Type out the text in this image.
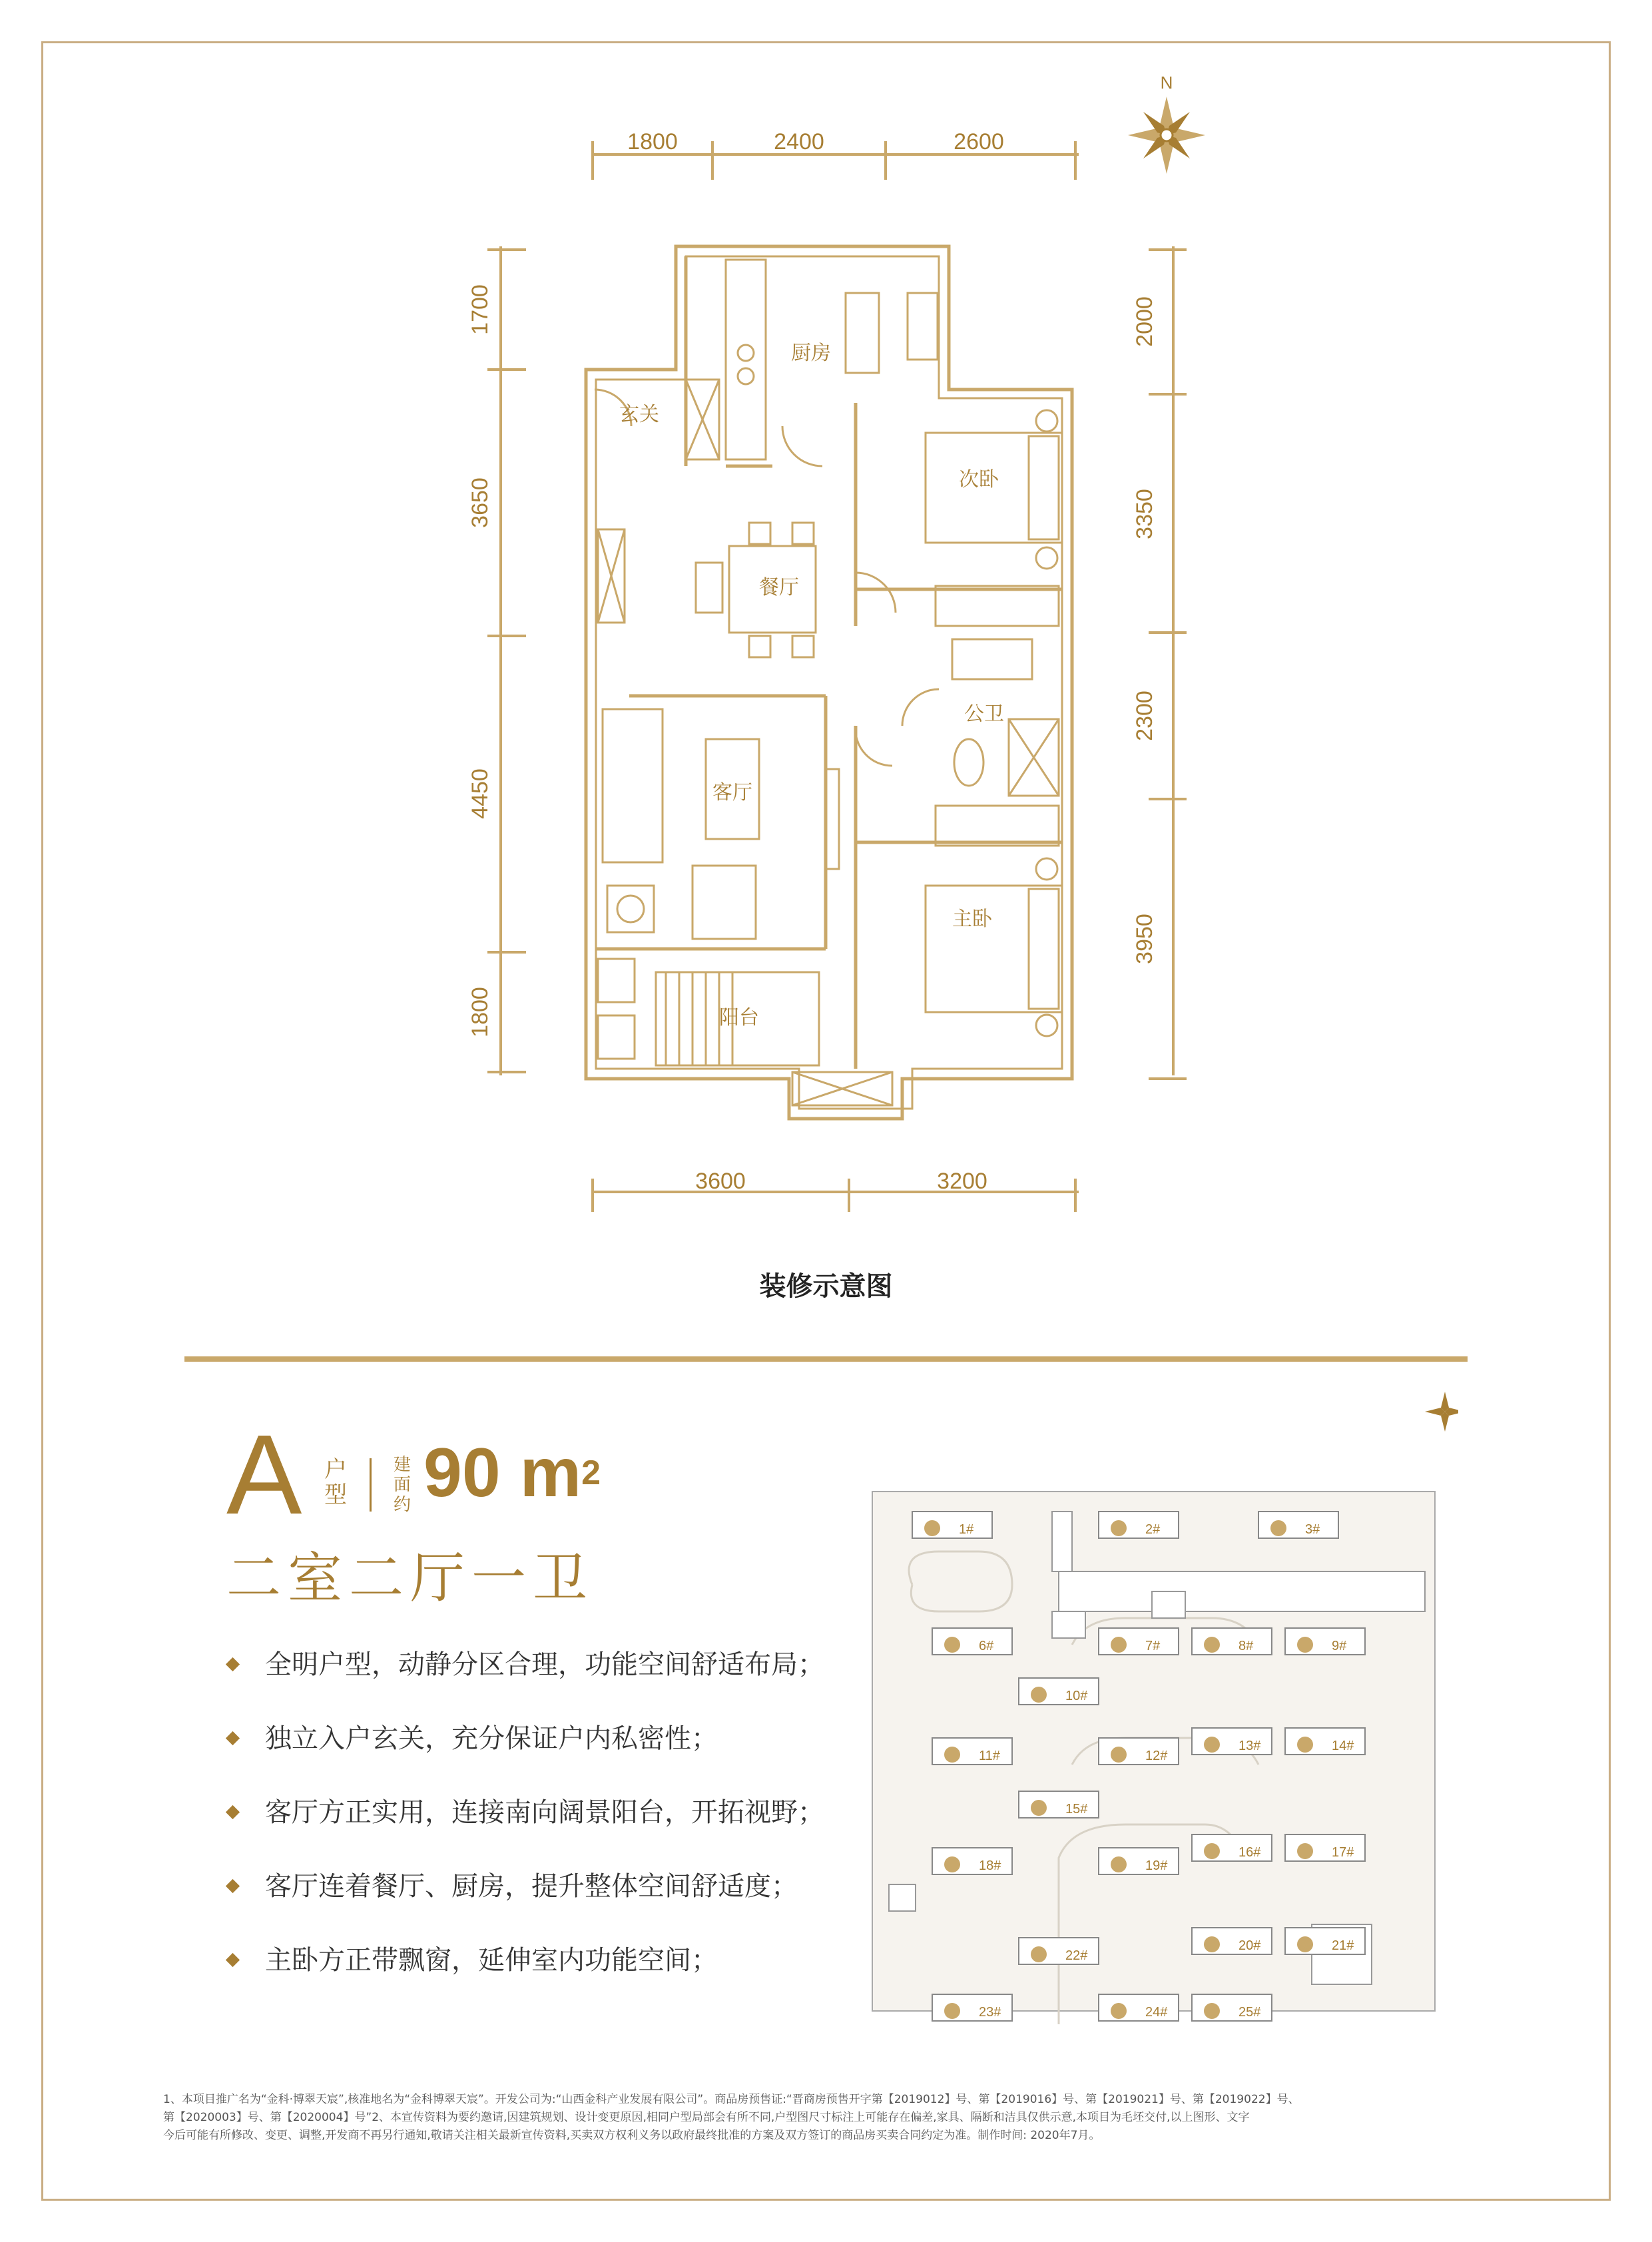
1800	2400	2600
3600	3200
1700
3650
4450
1800
2000
3350
2300
3950
厨房
玄关
餐厅
次卧
公卫
客厅
主卧
阳台
N
装修示意图
A 户
型
建
面
约 90 $m^2$
二室二厅一卫
全明户型，动静分区合理，功能空间舒适布局；
独立入户玄关，充分保证户内私密性；
客厅方正实用，连接南向阔景阳台，开拓视野；
客厅连着餐厅、厨房，提升整体空间舒适度；
主卧方正带飘窗，延伸室内功能空间；
1#	2#	3#
6#	7#	8#	9#
10#
11#	12#
13#	14#
15#
16#	17#
18#	19#
20#	21#
22#
23#	24#	25#
1、本项目推广名为“金科·博翠天宸”,核准地名为“金科博翠天宸”。开发公司为:“山西金科产业发展有限公司”。商品房预售证:“晋商房预售开字第【2019012】号、第【2019016】号、第【2019021】号、第【2019022】号、
第【2020003】号、第【2020004】号”2、本宣传资料为要约邀请,因建筑规划、设计变更原因,相同户型局部会有所不同,户型图尺寸标注上可能存在偏差,家具、隔断和洁具仅供示意,本项目为毛坯交付,以上图形、文字
今后可能有所修改、变更、调整,开发商不再另行通知,敬请关注相关最新宣传资料,买卖双方权利义务以政府最终批准的方案及双方签订的商品房买卖合同约定为准。制作时间: 2020年7月。
